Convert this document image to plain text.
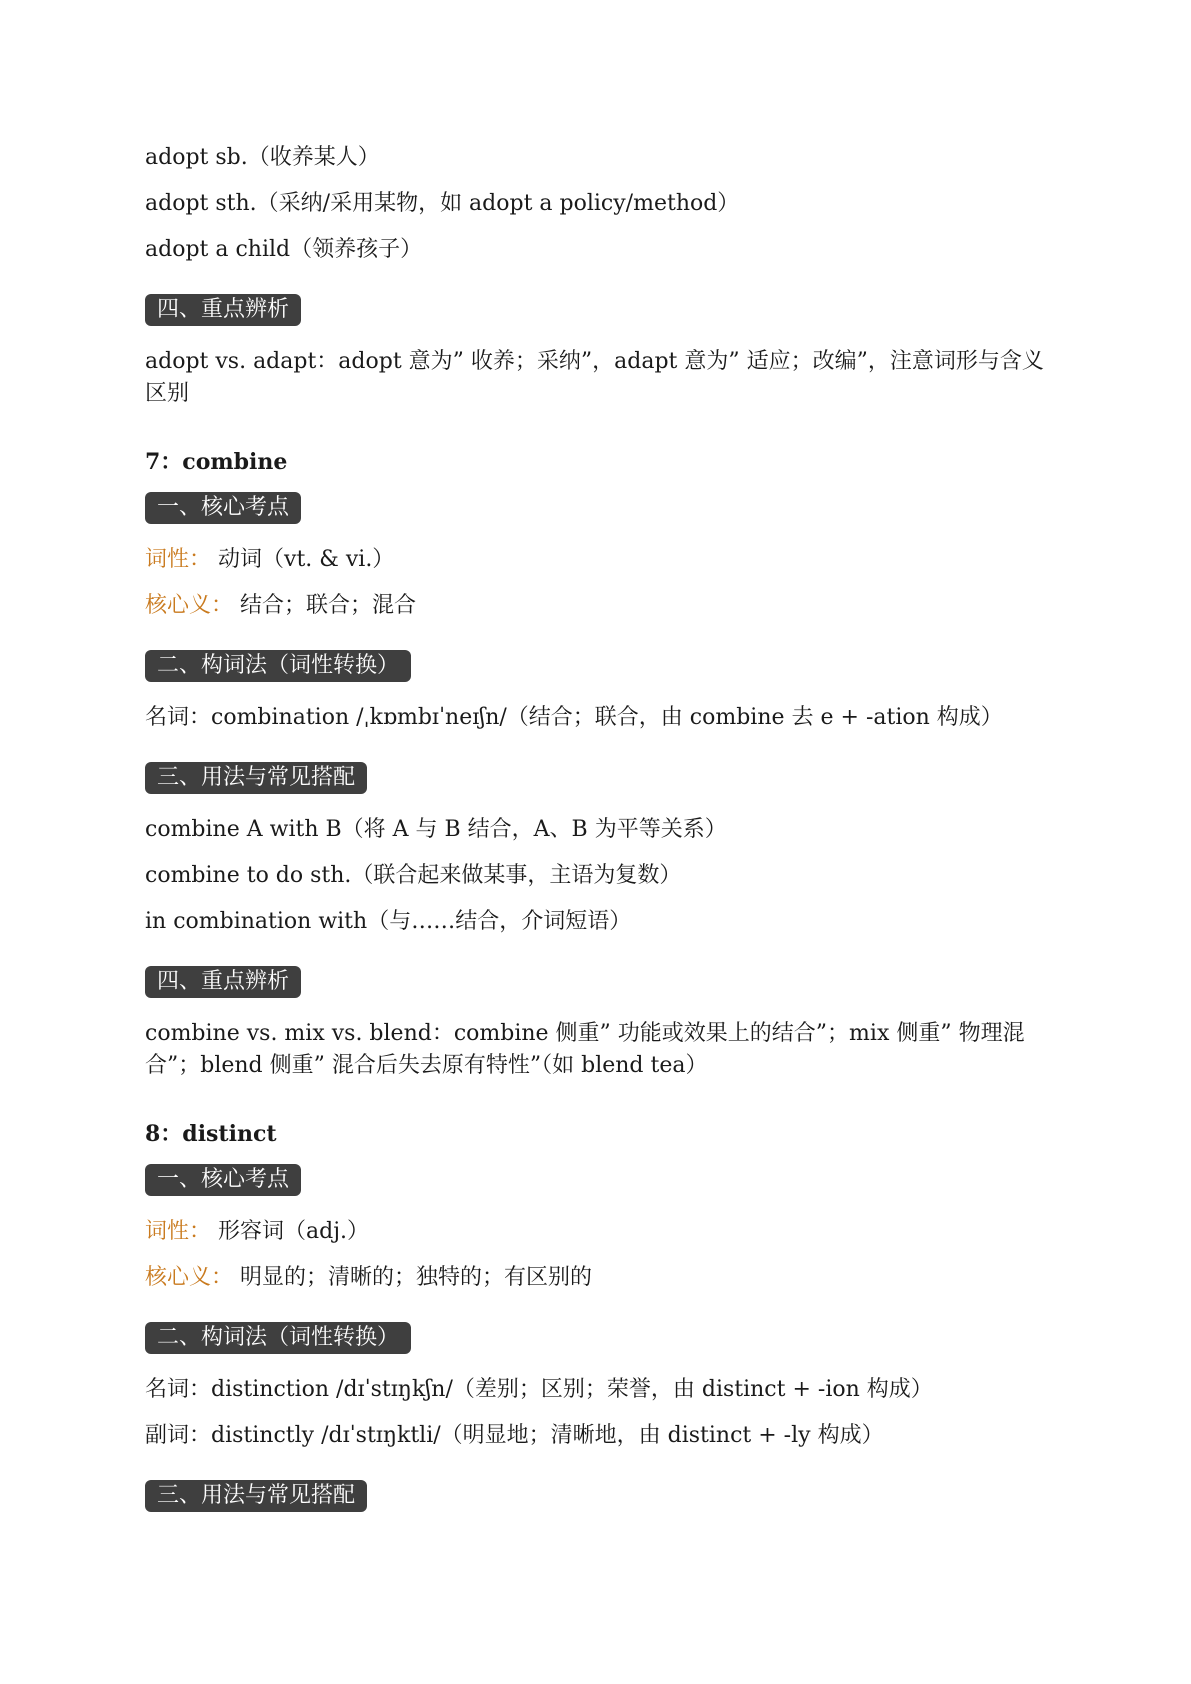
adopt sb.（收养某人）

adopt sth.（采纳/采用某物，如 adopt a policy/method）

adopt a child（领养孩子）

四、重点辨析

adopt vs. adapt：adopt 意为” 收养；采纳”，adapt 意为” 适应；改编”，注意词形与含义区别

7：combine

一、核心考点

词性： 动词（vt. & vi.）

核心义： 结合；联合；混合

二、构词法（词性转换）

名词：combination /ˌkɒmbɪˈneɪʃn/（结合；联合，由 combine 去 e + -ation 构成）

三、用法与常见搭配

combine A with B（将 A 与 B 结合，A、B 为平等关系）

combine to do sth.（联合起来做某事，主语为复数）

in combination with（与……结合，介词短语）

四、重点辨析

combine vs. mix vs. blend：combine 侧重” 功能或效果上的结合”；mix 侧重” 物理混合”；blend 侧重” 混合后失去原有特性”（如 blend tea）

8：distinct

一、核心考点

词性： 形容词（adj.）

核心义： 明显的；清晰的；独特的；有区别的

二、构词法（词性转换）

名词：distinction /dɪˈstɪŋkʃn/（差别；区别；荣誉，由 distinct + -ion 构成）

副词：distinctly /dɪˈstɪŋktli/（明显地；清晰地，由 distinct + -ly 构成）

三、用法与常见搭配
